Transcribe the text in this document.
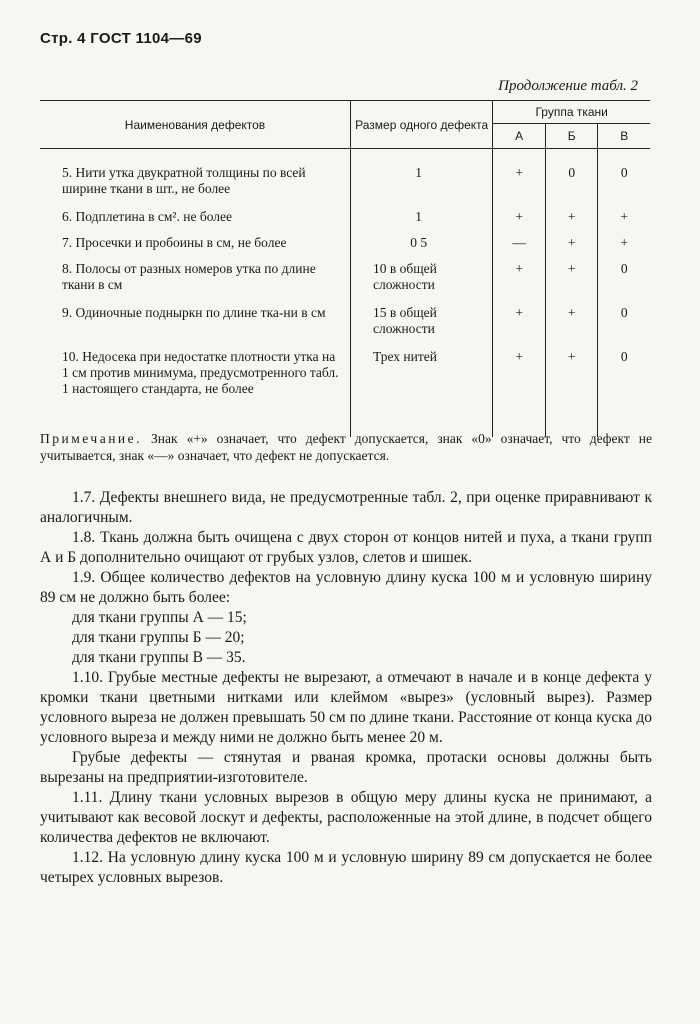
Стр. 4 ГОСТ 1104—69
Продолжение табл. 2
Наименования дефектов	Размер одного дефекта	Группа ткани		
		А	Б	В

5. Нити утка двукратной толщины по всей ширине ткани в шт., не более	1	+	0	0
6. Подплетина в см². не более	1	+	+	+
7. Просечки и пробоины в см, не более	0 5	—	+	+
8. Полосы от разных номеров утка по длине ткани в см	10 в общей сложности	+	+	0
9. Одиночные подныркн по длине тка-ни в см	15 в общей сложности	+	+	0
10. Недосека при недостатке плотности утка на 1 см против минимума, предусмотренного табл. 1 настоящего стандарта, не более	Трех нитей	+	+	0
Примечание. Знак «+» означает, что дефект допускается, знак «0» означает, что дефект не учитывается, знак «—» означает, что дефект не допускается.

1.7. Дефекты внешнего вида, не предусмотренные табл. 2, при оценке приравнивают к аналогичным.

1.8. Ткань должна быть очищена с двух сторон от концов нитей и пуха, а ткани групп А и Б дополнительно очищают от грубых узлов, слетов и шишек.

1.9. Общее количество дефектов на условную длину куска 100 м и условную ширину 89 см не должно быть более:

для ткани группы А — 15;

для ткани группы Б — 20;

для ткани группы В — 35.

1.10. Грубые местные дефекты не вырезают, а отмечают в начале и в конце дефекта у кромки ткани цветными нитками или клеймом «вырез» (условный вырез). Размер условного выреза не должен превышать 50 см по длине ткани. Расстояние от конца куска до условного выреза и между ними не должно быть менее 20 м.

Грубые дефекты — стянутая и рваная кромка, протаски основы должны быть вырезаны на предприятии-изготовителе.

1.11. Длину ткани условных вырезов в общую меру длины куска не принимают, а учитывают как весовой лоскут и дефекты, расположенные на этой длине, в подсчет общего количества дефектов не включают.

1.12. На условную длину куска 100 м и условную ширину 89 см допускается не более четырех условных вырезов.
